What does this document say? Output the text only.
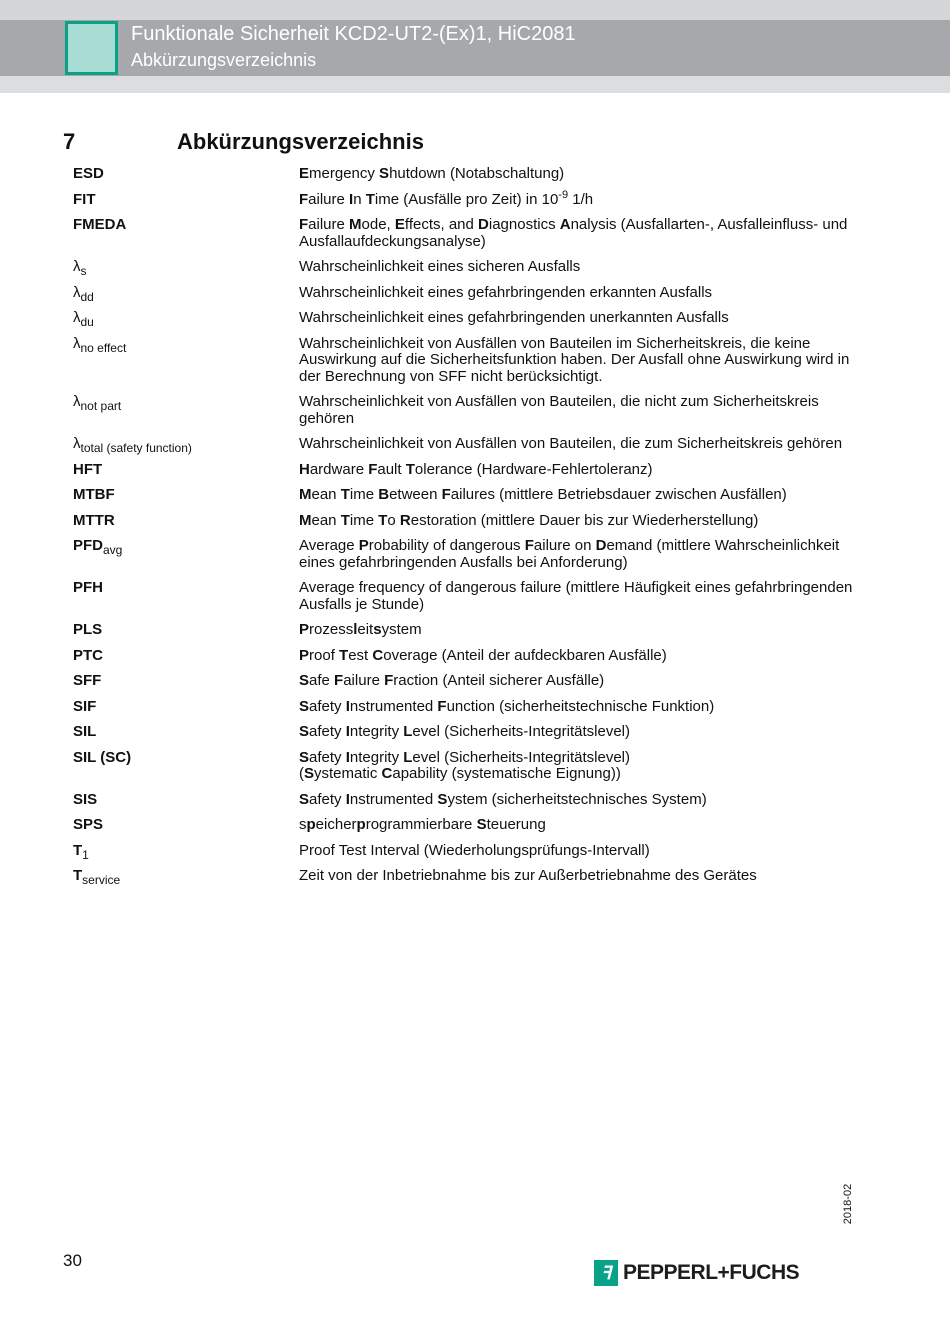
Funktionale Sicherheit KCD2-UT2-(Ex)1, HiC2081
Abkürzungsverzeichnis
7	Abkürzungsverzeichnis
ESD	Emergency Shutdown (Notabschaltung)
FIT	Failure In Time (Ausfälle pro Zeit) in $10^{-9}$ 1/h
FMEDA	Failure Mode, Effects, and Diagnostics Analysis (Ausfallarten-, Ausfalleinfluss- und Ausfallaufdeckungsanalyse)
$\lambda_s$	Wahrscheinlichkeit eines sicheren Ausfalls
$\lambda_{dd}$	Wahrscheinlichkeit eines gefahrbringenden erkannten Ausfalls
$\lambda_{du}$	Wahrscheinlichkeit eines gefahrbringenden unerkannten Ausfalls
$\lambda_{no effect}$	Wahrscheinlichkeit von Ausfällen von Bauteilen im Sicherheitskreis, die keine Auswirkung auf die Sicherheitsfunktion haben. Der Ausfall ohne Auswirkung wird in der Berechnung von SFF nicht berücksichtigt.
$\lambda_{not part}$	Wahrscheinlichkeit von Ausfällen von Bauteilen, die nicht zum Sicherheitskreis gehören
$\lambda_{total (safety function)}$	Wahrscheinlichkeit von Ausfällen von Bauteilen, die zum Sicherheitskreis gehören
HFT	Hardware Fault Tolerance (Hardware-Fehlertoleranz)
MTBF	Mean Time Between Failures (mittlere Betriebsdauer zwischen Ausfällen)
MTTR	Mean Time To Restoration (mittlere Dauer bis zur Wiederherstellung)
$PFD_{avg}$	Average Probability of dangerous Failure on Demand (mittlere Wahrscheinlichkeit eines gefahrbringenden Ausfalls bei Anforderung)
PFH	Average frequency of dangerous failure (mittlere Häufigkeit eines gefahrbringenden Ausfalls je Stunde)
PLS	Prozessleitsystem
PTC	Proof Test Coverage (Anteil der aufdeckbaren Ausfälle)
SFF	Safe Failure Fraction (Anteil sicherer Ausfälle)
SIF	Safety Instrumented Function (sicherheitstechnische Funktion)
SIL	Safety Integrity Level (Sicherheits-Integritätslevel)
SIL (SC)	Safety Integrity Level (Sicherheits-Integritätslevel)
(Systematic Capability (systematische Eignung))
SIS	Safety Instrumented System (sicherheitstechnisches System)
SPS	speicherprogrammierbare Steuerung
$T_1$	Proof Test Interval (Wiederholungsprüfungs-Intervall)
$T_{service}$	Zeit von der Inbetriebnahme bis zur Außerbetriebnahme des Gerätes
30
2018-02
ꟻ PEPPERL+FUCHS
